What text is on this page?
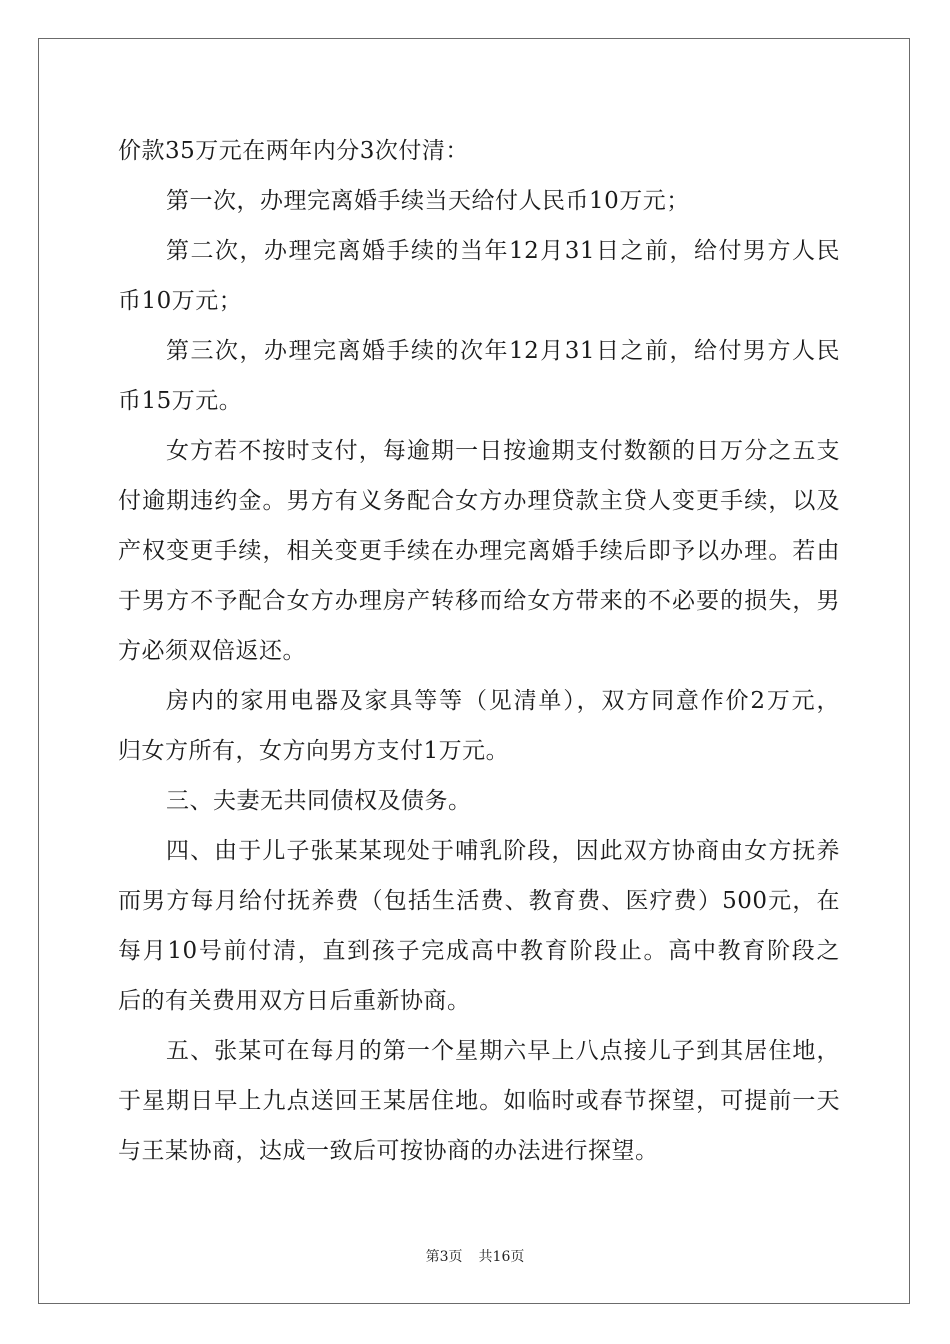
价款35万元在两年内分3次付清：
第一次，办理完离婚手续当天给付人民币10万元；
第二次，办理完离婚手续的当年12月31日之前，给付男方人民
币10万元；
第三次，办理完离婚手续的次年12月31日之前，给付男方人民
币15万元。
女方若不按时支付，每逾期一日按逾期支付数额的日万分之五支
付逾期违约金。男方有义务配合女方办理贷款主贷人变更手续，以及
产权变更手续，相关变更手续在办理完离婚手续后即予以办理。若由
于男方不予配合女方办理房产转移而给女方带来的不必要的损失，男
方必须双倍返还。
房内的家用电器及家具等等（见清单），双方同意作价2万元，
归女方所有，女方向男方支付1万元。
三、夫妻无共同债权及债务。
四、由于儿子张某某现处于哺乳阶段，因此双方协商由女方抚养
而男方每月给付抚养费（包括生活费、教育费、医疗费）500元，在
每月10号前付清，直到孩子完成高中教育阶段止。高中教育阶段之
后的有关费用双方日后重新协商。
五、张某可在每月的第一个星期六早上八点接儿子到其居住地，
于星期日早上九点送回王某居住地。如临时或春节探望，可提前一天
与王某协商，达成一致后可按协商的办法进行探望。
第3页 共16页
